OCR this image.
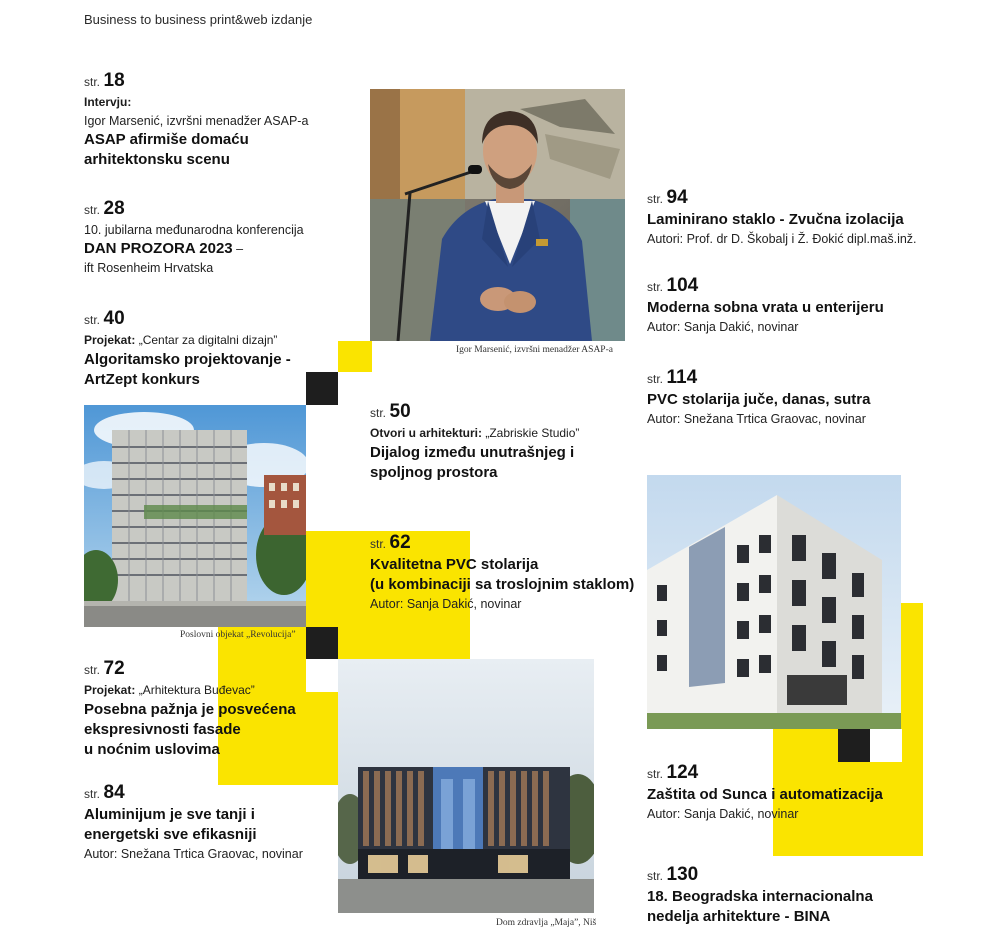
Business to business print&web izdanje
Igor Marsenić, izvršni menadžer ASAP-a
Poslovni objekat „Revolucija”
Dom zdravlja „Maja”, Niš
str. 18
Intervju:
Igor Marsenić, izvršni menadžer ASAP-a
ASAP afirmiše domaću
arhitektonsku scenu
str. 28
10. jubilarna međunarodna konferencija
DAN PROZORA 2023 –
ift Rosenheim Hrvatska
str. 40
Projekat: „Centar za digitalni dizajn”
Algoritamsko projektovanje -
ArtZept konkurs
str. 50
Otvori u arhitekturi: „Zabriskie Studio”
Dijalog između unutrašnjeg i
spoljnog prostora
str. 62
Kvalitetna PVC stolarija
(u kombinaciji sa troslojnim staklom)
Autor: Sanja Dakić, novinar
str. 72
Projekat: „Arhitektura Buđevac”
Posebna pažnja je posvećena
ekspresivnosti fasade
u noćnim uslovima
str. 84
Aluminijum je sve tanji i
energetski sve efikasniji
Autor: Snežana Trtica Graovac, novinar
str. 94
Laminirano staklo - Zvučna izolacija
Autori: Prof. dr D. Škobalj i Ž. Đokić dipl.maš.inž.
str. 104
Moderna sobna vrata u enterijeru
Autor: Sanja Dakić, novinar
str. 114
PVC stolarija juče, danas, sutra
Autor: Snežana Trtica Graovac, novinar
str. 124
Zaštita od Sunca i automatizacija
Autor: Sanja Dakić, novinar
str. 130
18. Beogradska internacionalna
nedelja arhitekture - BINA
